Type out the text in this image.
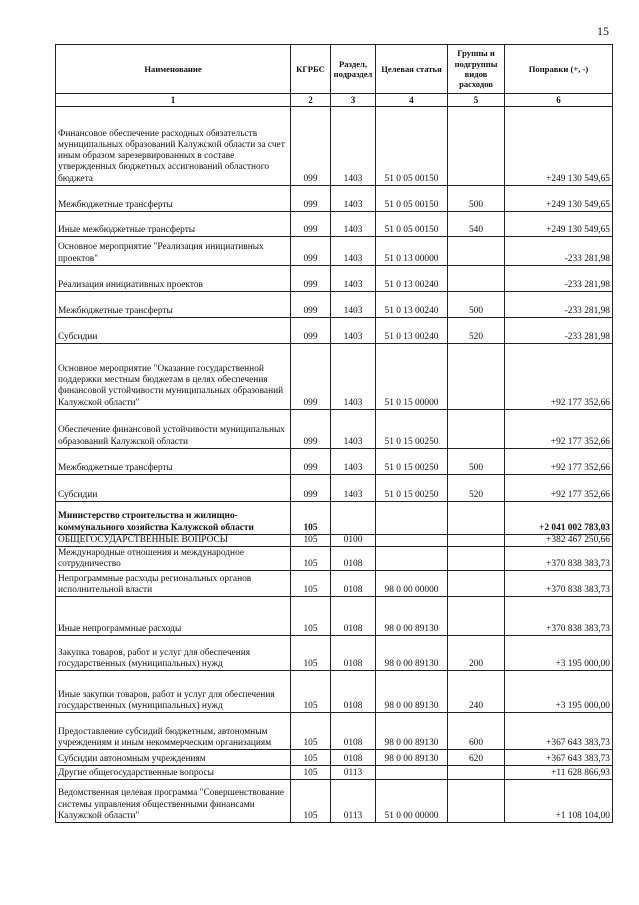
15
Наименование	КГРБС	Раздел, подраздел	Целевая статья	Группы и подгруппы видов расходов	Поправки (+, -)
1	2	3	4	5	6
Финансовое обеспечение расходных обязательств муниципальных образований Калужской области за счет иным образом зарезервированных в составе утвержденных бюджетных ассигнований областного бюджета	099	1403	51 0 05 00150		+249 130 549,65
Межбюджетные трансферты	099	1403	51 0 05 00150	500	+249 130 549,65
Иные межбюджетные трансферты	099	1403	51 0 05 00150	540	+249 130 549,65
Основное мероприятие "Реализация инициативных проектов"	099	1403	51 0 13 00000		-233 281,98
Реализация инициативных проектов	099	1403	51 0 13 00240		-233 281,98
Межбюджетные трансферты	099	1403	51 0 13 00240	500	-233 281,98
Субсидии	099	1403	51 0 13 00240	520	-233 281,98
Основное мероприятие "Оказание государственной поддержки местным бюджетам в целях обеспечения финансовой устойчивости муниципальных образований Калужской области"	099	1403	51 0 15 00000		+92 177 352,66
Обеспечение финансовой устойчивости муниципальных образований Калужской области	099	1403	51 0 15 00250		+92 177 352,66
Межбюджетные трансферты	099	1403	51 0 15 00250	500	+92 177 352,66
Субсидии	099	1403	51 0 15 00250	520	+92 177 352,66
Министерство строительства и жилищно-коммунального хозяйства Калужской области	105				+2 041 002 783,03
ОБЩЕГОСУДАРСТВЕННЫЕ ВОПРОСЫ	105	0100			+382 467 250,66
Международные отношения и международное сотрудничество	105	0108			+370 838 383,73
Непрограммные расходы региональных органов исполнительной власти	105	0108	98 0 00 00000		+370 838 383,73
Иные непрограммные расходы	105	0108	98 0 00 89130		+370 838 383,73
Закупка товаров, работ и услуг для обеспечения государственных (муниципальных) нужд	105	0108	98 0 00 89130	200	+3 195 000,00
Иные закупки товаров, работ и услуг для обеспечения государственных (муниципальных) нужд	105	0108	98 0 00 89130	240	+3 195 000,00
Предоставление субсидий бюджетным, автономным учреждениям и иным некоммерческим организациям	105	0108	98 0 00 89130	600	+367 643 383,73
Субсидии автономным учреждениям	105	0108	98 0 00 89130	620	+367 643 383,73
Другие общегосударственные вопросы	105	0113			+11 628 866,93
Ведомственная целевая программа "Совершенствование системы управления общественными финансами Калужской области"	105	0113	51 0 00 00000		+1 108 104,00
